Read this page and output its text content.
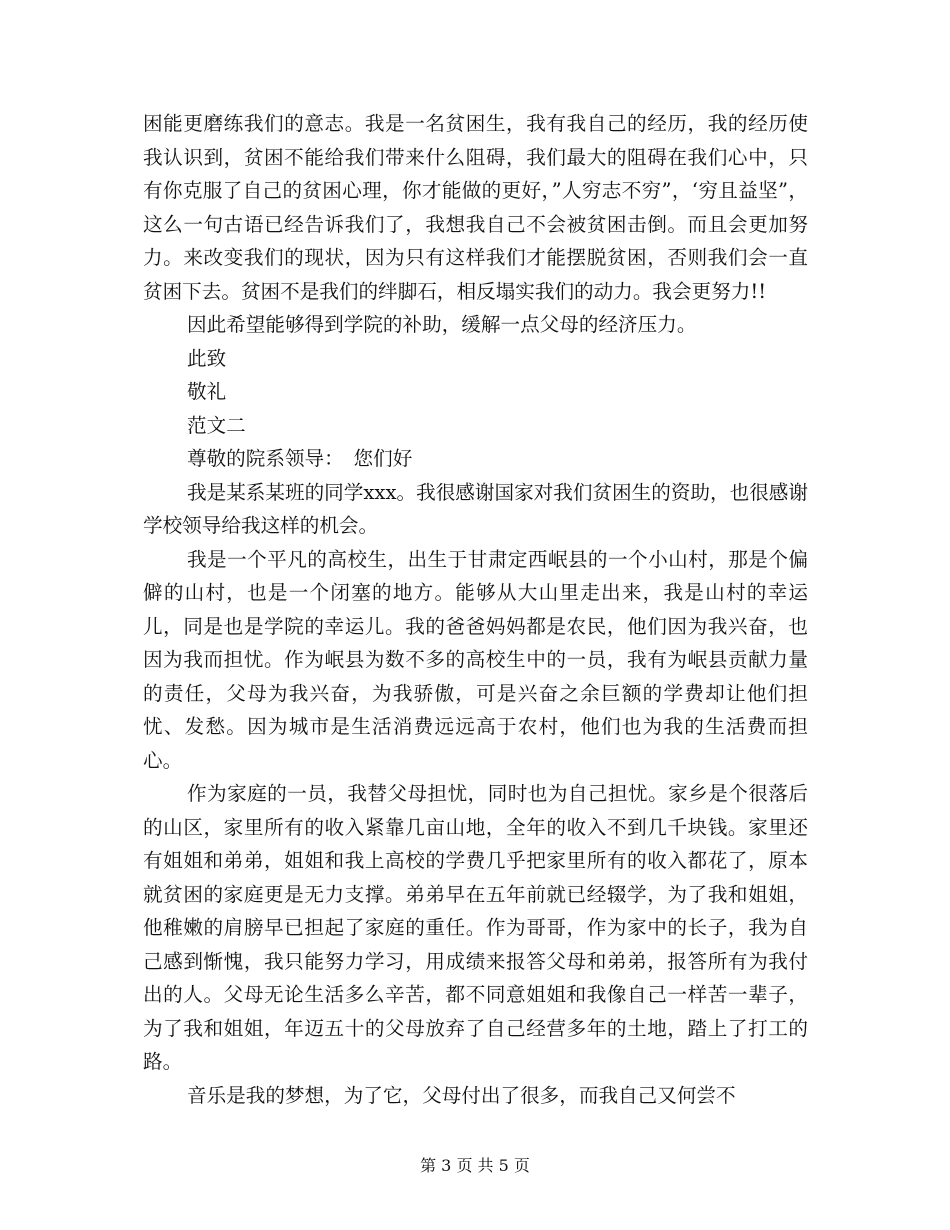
困能更磨练我们的意志。我是一名贫困生，我有我自己的经历，我的经历使我认识到，贫困不能给我们带来什么阻碍，我们最大的阻碍在我们心中，只有你克服了自己的贫困心理，你才能做的更好，”人穷志不穷”，‘穷且益坚”，这么一句古语已经告诉我们了，我想我自己不会被贫困击倒。而且会更加努力。来改变我们的现状，因为只有这样我们才能摆脱贫困，否则我们会一直贫困下去。贫困不是我们的绊脚石，相反塌实我们的动力。我会更努力!!

因此希望能够得到学院的补助，缓解一点父母的经济压力。

此致

敬礼

范文二

尊敬的院系领导：　您们好

我是某系某班的同学xxx。我很感谢国家对我们贫困生的资助，也很感谢学校领导给我这样的机会。

我是一个平凡的高校生，出生于甘肃定西岷县的一个小山村，那是个偏僻的山村，也是一个闭塞的地方。能够从大山里走出来，我是山村的幸运儿，同是也是学院的幸运儿。我的爸爸妈妈都是农民，他们因为我兴奋，也因为我而担忧。作为岷县为数不多的高校生中的一员，我有为岷县贡献力量的责任，父母为我兴奋，为我骄傲，可是兴奋之余巨额的学费却让他们担忧、发愁。因为城市是生活消费远远高于农村，他们也为我的生活费而担心。

作为家庭的一员，我替父母担忧，同时也为自己担忧。家乡是个很落后的山区，家里所有的收入紧靠几亩山地，全年的收入不到几千块钱。家里还有姐姐和弟弟，姐姐和我上高校的学费几乎把家里所有的收入都花了，原本就贫困的家庭更是无力支撑。弟弟早在五年前就已经辍学，为了我和姐姐，他稚嫩的肩膀早已担起了家庭的重任。作为哥哥，作为家中的长子，我为自己感到惭愧，我只能努力学习，用成绩来报答父母和弟弟，报答所有为我付出的人。父母无论生活多么辛苦，都不同意姐姐和我像自己一样苦一辈子，为了我和姐姐，年迈五十的父母放弃了自己经营多年的土地，踏上了打工的路。

音乐是我的梦想，为了它，父母付出了很多，而我自己又何尝不

第 3 页 共 5 页
